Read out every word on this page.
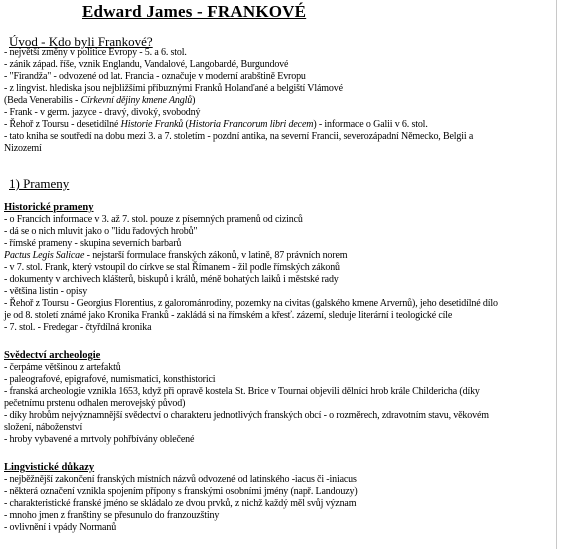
Edward James - FRANKOVÉ
Úvod - Kdo byli Frankové?
- největší změny v politice Evropy - 5. a 6. stol.
- zánik západ. říše, vznik Englandu, Vandalové, Langobardé, Burgundové
- "Firandža" - odvozené od lat. Francia - označuje v moderní arabštině Evropu
- z lingvist. hlediska jsou nejbližšími příbuznými Franků Holanďané a belgiští Vlámové
(Beda Venerabilis - Církevní dějiny kmene Anglů)
- Frank - v germ. jazyce - dravý, divoký, svobodný
- Řehoř z Toursu - desetidílné Historie Franků (Historia Francorum libri decem) - informace o Galii v 6. stol.
- tato kniha se soutředí na dobu mezi 3. a 7. stoletím - pozdní antika, na severní Francii, severozápadní Německo, Belgii a
Nizozemí
1) Prameny
Historické prameny
- o Francích informace v 3. až 7. stol. pouze z písemných pramenů od cizinců
- dá se o nich mluvit jako o "lidu řadových hrobů"
- římské prameny - skupina severních barbarů
Pactus Legis Salicae - nejstarší formulace franských zákonů, v latině, 87 právních norem
- v 7. stol. Frank, který vstoupil do církve se stal Římanem - žil podle římských zákonů
- dokumenty v archivech klášterů, biskupů i králů, méně bohatých laiků i městské rady
- většina listin - opisy
- Řehoř z Toursu - Georgius Florentius, z galorománrodiny, pozemky na civitas (galského kmene Arvernů), jeho desetidílné dílo
je od 8. století známé jako Kronika Franků - zakládá si na římském a křesť. zázemí, sleduje literární i teologické cíle
- 7. stol. - Fredegar - čtyřdílná kronika
Svědectví archeologie
- čerpáme většinou z artefaktů
- paleografové, epigrafové, numismatici, konsthistorici
- franská archeologie vznikla 1653, když při opravě kostela St. Brice v Tournai objevili dělníci hrob krále Childericha (díky
pečetnímu prstenu odhalen merovejský původ)
- díky hrobům nejvýznamnější svědectví o charakteru jednotlivých franských obcí - o rozměrech, zdravotním stavu, věkovém
složení, náboženství
- hroby vybavené a mrtvoly pohřbívány oblečené
Lingvistické důkazy
- nejběžnější zakončení franských místních názvů odvozené od latinského -iacus či -iniacus
- některá označení vznikla spojením přípony s franskými osobními jmény (např. Landouzy)
- charakteristické franské jméno se skládalo ze dvou prvků, z nichž každý měl svůj význam
- mnoho jmen z franštiny se přesunulo do franzouzštiny
- ovlivnění i vpády Normanů
